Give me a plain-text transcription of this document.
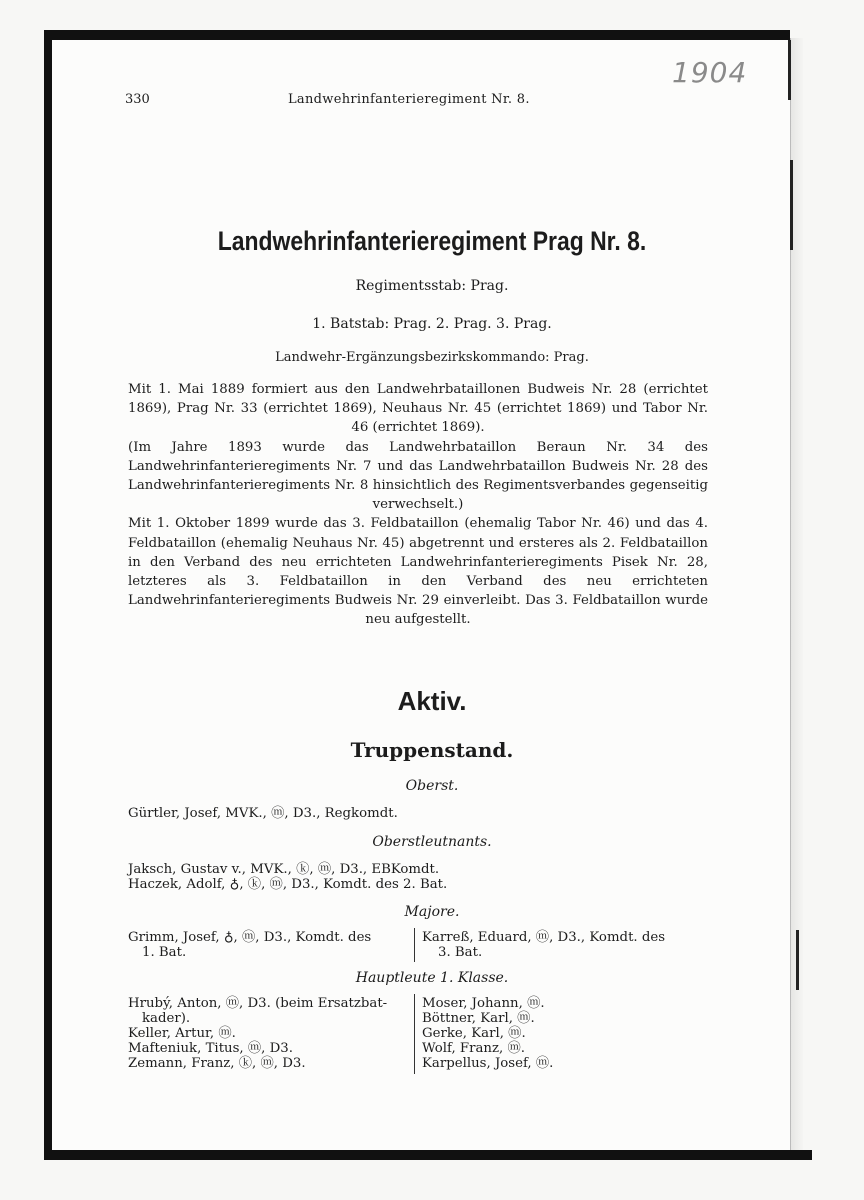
1904
330	Landwehrinfanterieregiment Nr. 8.
Landwehrinfanterieregiment Prag Nr. 8.
Regimentsstab: Prag.
1. Batstab: Prag. 2. Prag. 3. Prag.
Landwehr-Ergänzungsbezirkskommando: Prag.

Mit 1. Mai 1889 formiert aus den Landwehrbataillonen Budweis Nr. 28 (errichtet 1869), Prag Nr. 33 (errichtet 1869), Neuhaus Nr. 45 (errichtet 1869) und Tabor Nr. 46 (errichtet 1869).

(Im Jahre 1893 wurde das Landwehrbataillon Beraun Nr. 34 des Landwehrinfanterieregiments Nr. 7 und das Landwehrbataillon Budweis Nr. 28 des Landwehrinfanterieregiments Nr. 8 hinsichtlich des Regimentsverbandes gegenseitig verwechselt.)

Mit 1. Oktober 1899 wurde das 3. Feldbataillon (ehemalig Tabor Nr. 46) und das 4. Feldbataillon (ehemalig Neuhaus Nr. 45) abgetrennt und ersteres als 2. Feldbataillon in den Verband des neu errichteten Landwehrinfanterieregiments Pisek Nr. 28, letzteres als 3. Feldbataillon in den Verband des neu errichteten Landwehrinfanterieregiments Budweis Nr. 29 einverleibt. Das 3. Feldbataillon wurde neu aufgestellt.

Aktiv.
Truppenstand.
Oberst.
Gürtler, Josef, MVK., ⓜ, D3., Regkomdt.
Oberstleutnants.
Jaksch, Gustav v., MVK., ⓚ, ⓜ, D3., EBKomdt.
Haczek, Adolf, ♁, ⓚ, ⓜ, D3., Komdt. des 2. Bat.
Majore.
Grimm, Josef, ♁, ⓜ, D3., Komdt. des
1. Bat.
Karreß, Eduard, ⓜ, D3., Komdt. des
3. Bat.
Hauptleute 1. Klasse.
Hrubý, Anton, ⓜ, D3. (beim Ersatzbat-
kader).
Keller, Artur, ⓜ.
Mafteniuk, Titus, ⓜ, D3.
Zemann, Franz, ⓚ, ⓜ, D3.
Moser, Johann, ⓜ.
Böttner, Karl, ⓜ.
Gerke, Karl, ⓜ.
Wolf, Franz, ⓜ.
Karpellus, Josef, ⓜ.
